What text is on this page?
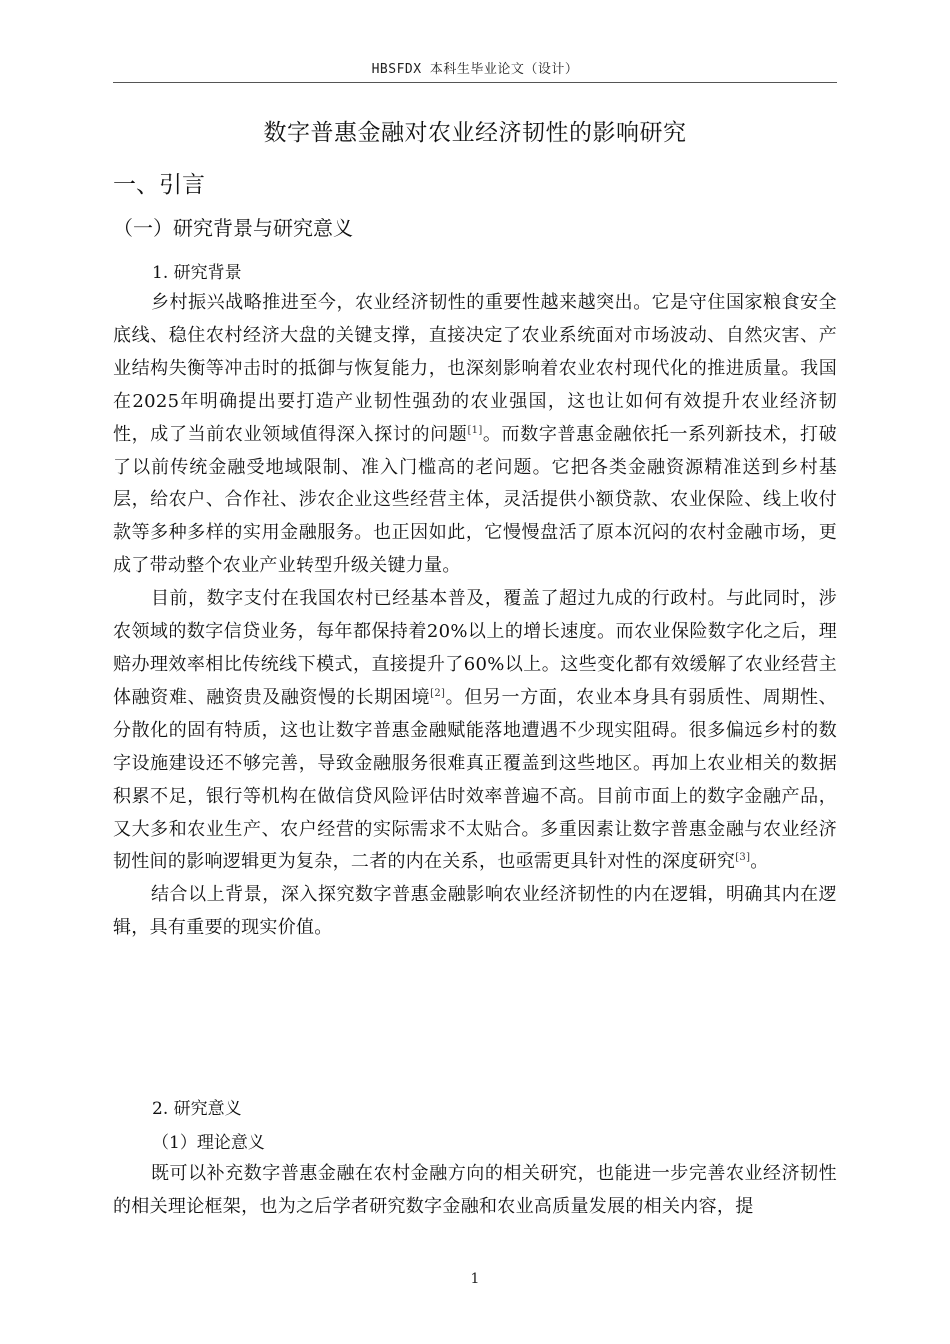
HBSFDX 本科生毕业论文（设计）
数字普惠金融对农业经济韧性的影响研究
一、引言
（一）研究背景与研究意义
1. 研究背景

乡村振兴战略推进至今，农业经济韧性的重要性越来越突出。它是守住国家粮食安全底线、稳住农村经济大盘的关键支撑，直接决定了农业系统面对市场波动、自然灾害、产业结构失衡等冲击时的抵御与恢复能力，也深刻影响着农业农村现代化的推进质量。我国在2025年明确提出要打造产业韧性强劲的农业强国，这也让如何有效提升农业经济韧性，成了当前农业领域值得深入探讨的问题[1]。而数字普惠金融依托一系列新技术，打破了以前传统金融受地域限制、准入门槛高的老问题。它把各类金融资源精准送到乡村基层，给农户、合作社、涉农企业这些经营主体，灵活提供小额贷款、农业保险、线上收付款等多种多样的实用金融服务。也正因如此，它慢慢盘活了原本沉闷的农村金融市场，更成了带动整个农业产业转型升级关键力量。

目前，数字支付在我国农村已经基本普及，覆盖了超过九成的行政村。与此同时，涉农领域的数字信贷业务，每年都保持着20%以上的增长速度。而农业保险数字化之后，理赔办理效率相比传统线下模式，直接提升了60%以上。这些变化都有效缓解了农业经营主体融资难、融资贵及融资慢的长期困境[2]。但另一方面，农业本身具有弱质性、周期性、分散化的固有特质，这也让数字普惠金融赋能落地遭遇不少现实阻碍。很多偏远乡村的数字设施建设还不够完善，导致金融服务很难真正覆盖到这些地区。再加上农业相关的数据积累不足，银行等机构在做信贷风险评估时效率普遍不高。目前市面上的数字金融产品，又大多和农业生产、农户经营的实际需求不太贴合。多重因素让数字普惠金融与农业经济韧性间的影响逻辑更为复杂，二者的内在关系，也亟需更具针对性的深度研究[3]。

结合以上背景，深入探究数字普惠金融影响农业经济韧性的内在逻辑，明确其内在逻辑，具有重要的现实价值。

2. 研究意义
（1）理论意义

既可以补充数字普惠金融在农村金融方向的相关研究，也能进一步完善农业经济韧性的相关理论框架，也为之后学者研究数字金融和农业高质量发展的相关内容，提

1
